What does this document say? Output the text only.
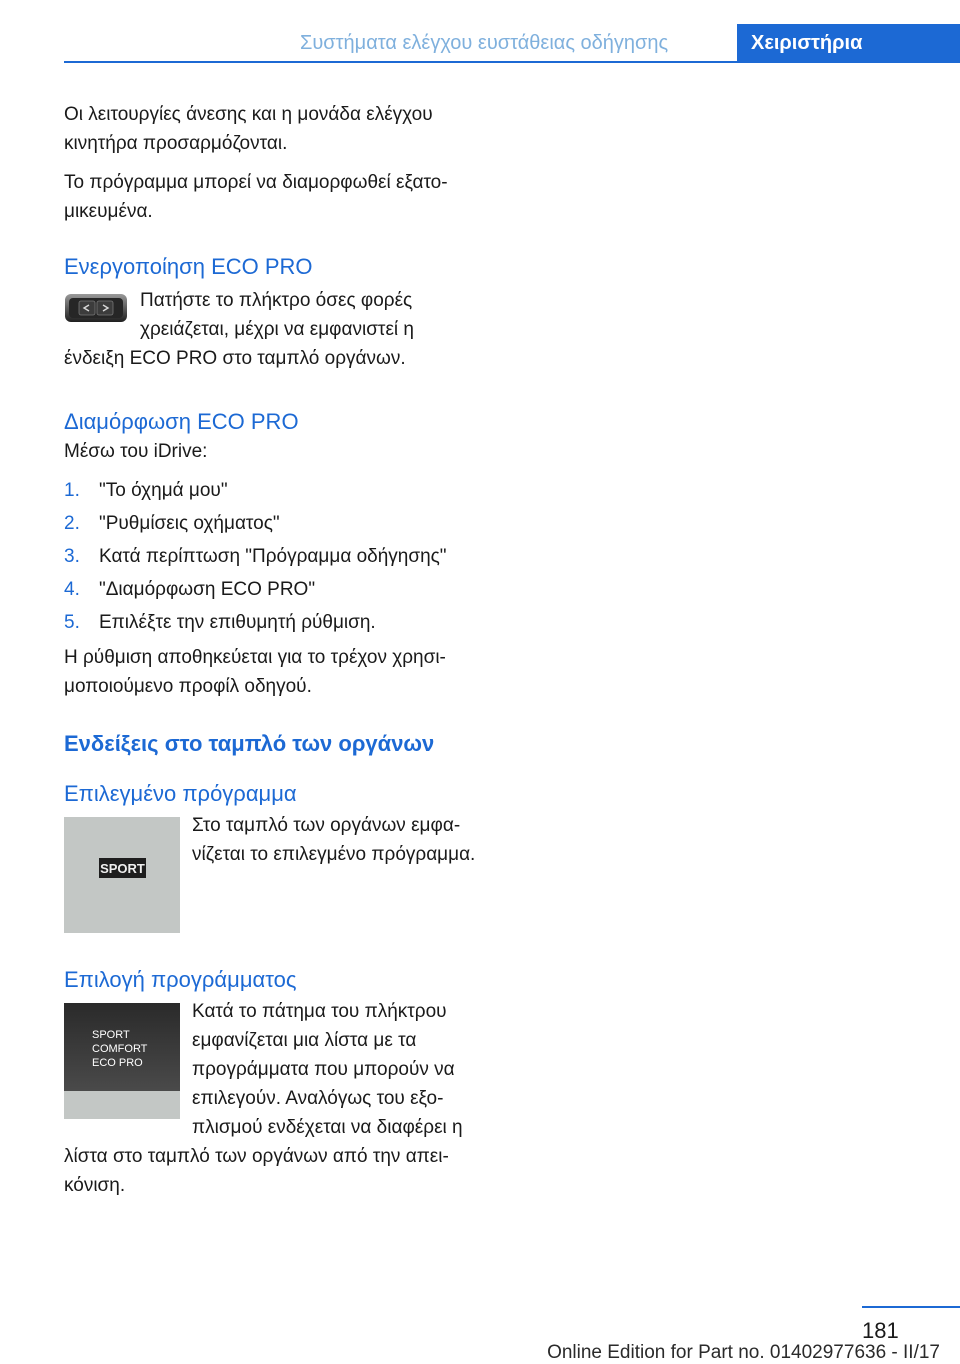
Συστήματα ελέγχου ευστάθειας οδήγησης	Χειριστήρια

Οι λειτουργίες άνεσης και η μονάδα ελέγχου κινητήρα προσαρμόζονται.

Το πρόγραμμα μπορεί να διαμορφωθεί εξατομικευμένα.

Ενεργοποίηση ECO PRO

Πατήστε το πλήκτρο όσες φορές χρειάζεται, μέχρι να εμφανιστεί η ένδειξη ECO PRO στο ταμπλό οργάνων.

Διαμόρφωση ECO PRO

Μέσω του iDrive:

1. "Το όχημά μου"
2. "Ρυθμίσεις οχήματος"
3. Κατά περίπτωση "Πρόγραμμα οδήγησης"
4. "Διαμόρφωση ECO PRO"
5. Επιλέξτε την επιθυμητή ρύθμιση.

Η ρύθμιση αποθηκεύεται για το τρέχον χρησιμοποιούμενο προφίλ οδηγού.

Ενδείξεις στο ταμπλό των οργάνων
Επιλεγμένο πρόγραμμα
SPORT

Στο ταμπλό των οργάνων εμφανίζεται το επιλεγμένο πρόγραμμα.

Επιλογή προγράμματος
SPORT
COMFORT
ECO PRO

Κατά το πάτημα του πλήκτρου εμφανίζεται μια λίστα με τα προγράμματα που μπορούν να επιλεγούν. Αναλόγως του εξοπλισμού ενδέχεται να διαφέρει η λίστα στο ταμπλό των οργάνων από την απεικόνιση.

181
Online Edition for Part no. 01402977636 - II/17
